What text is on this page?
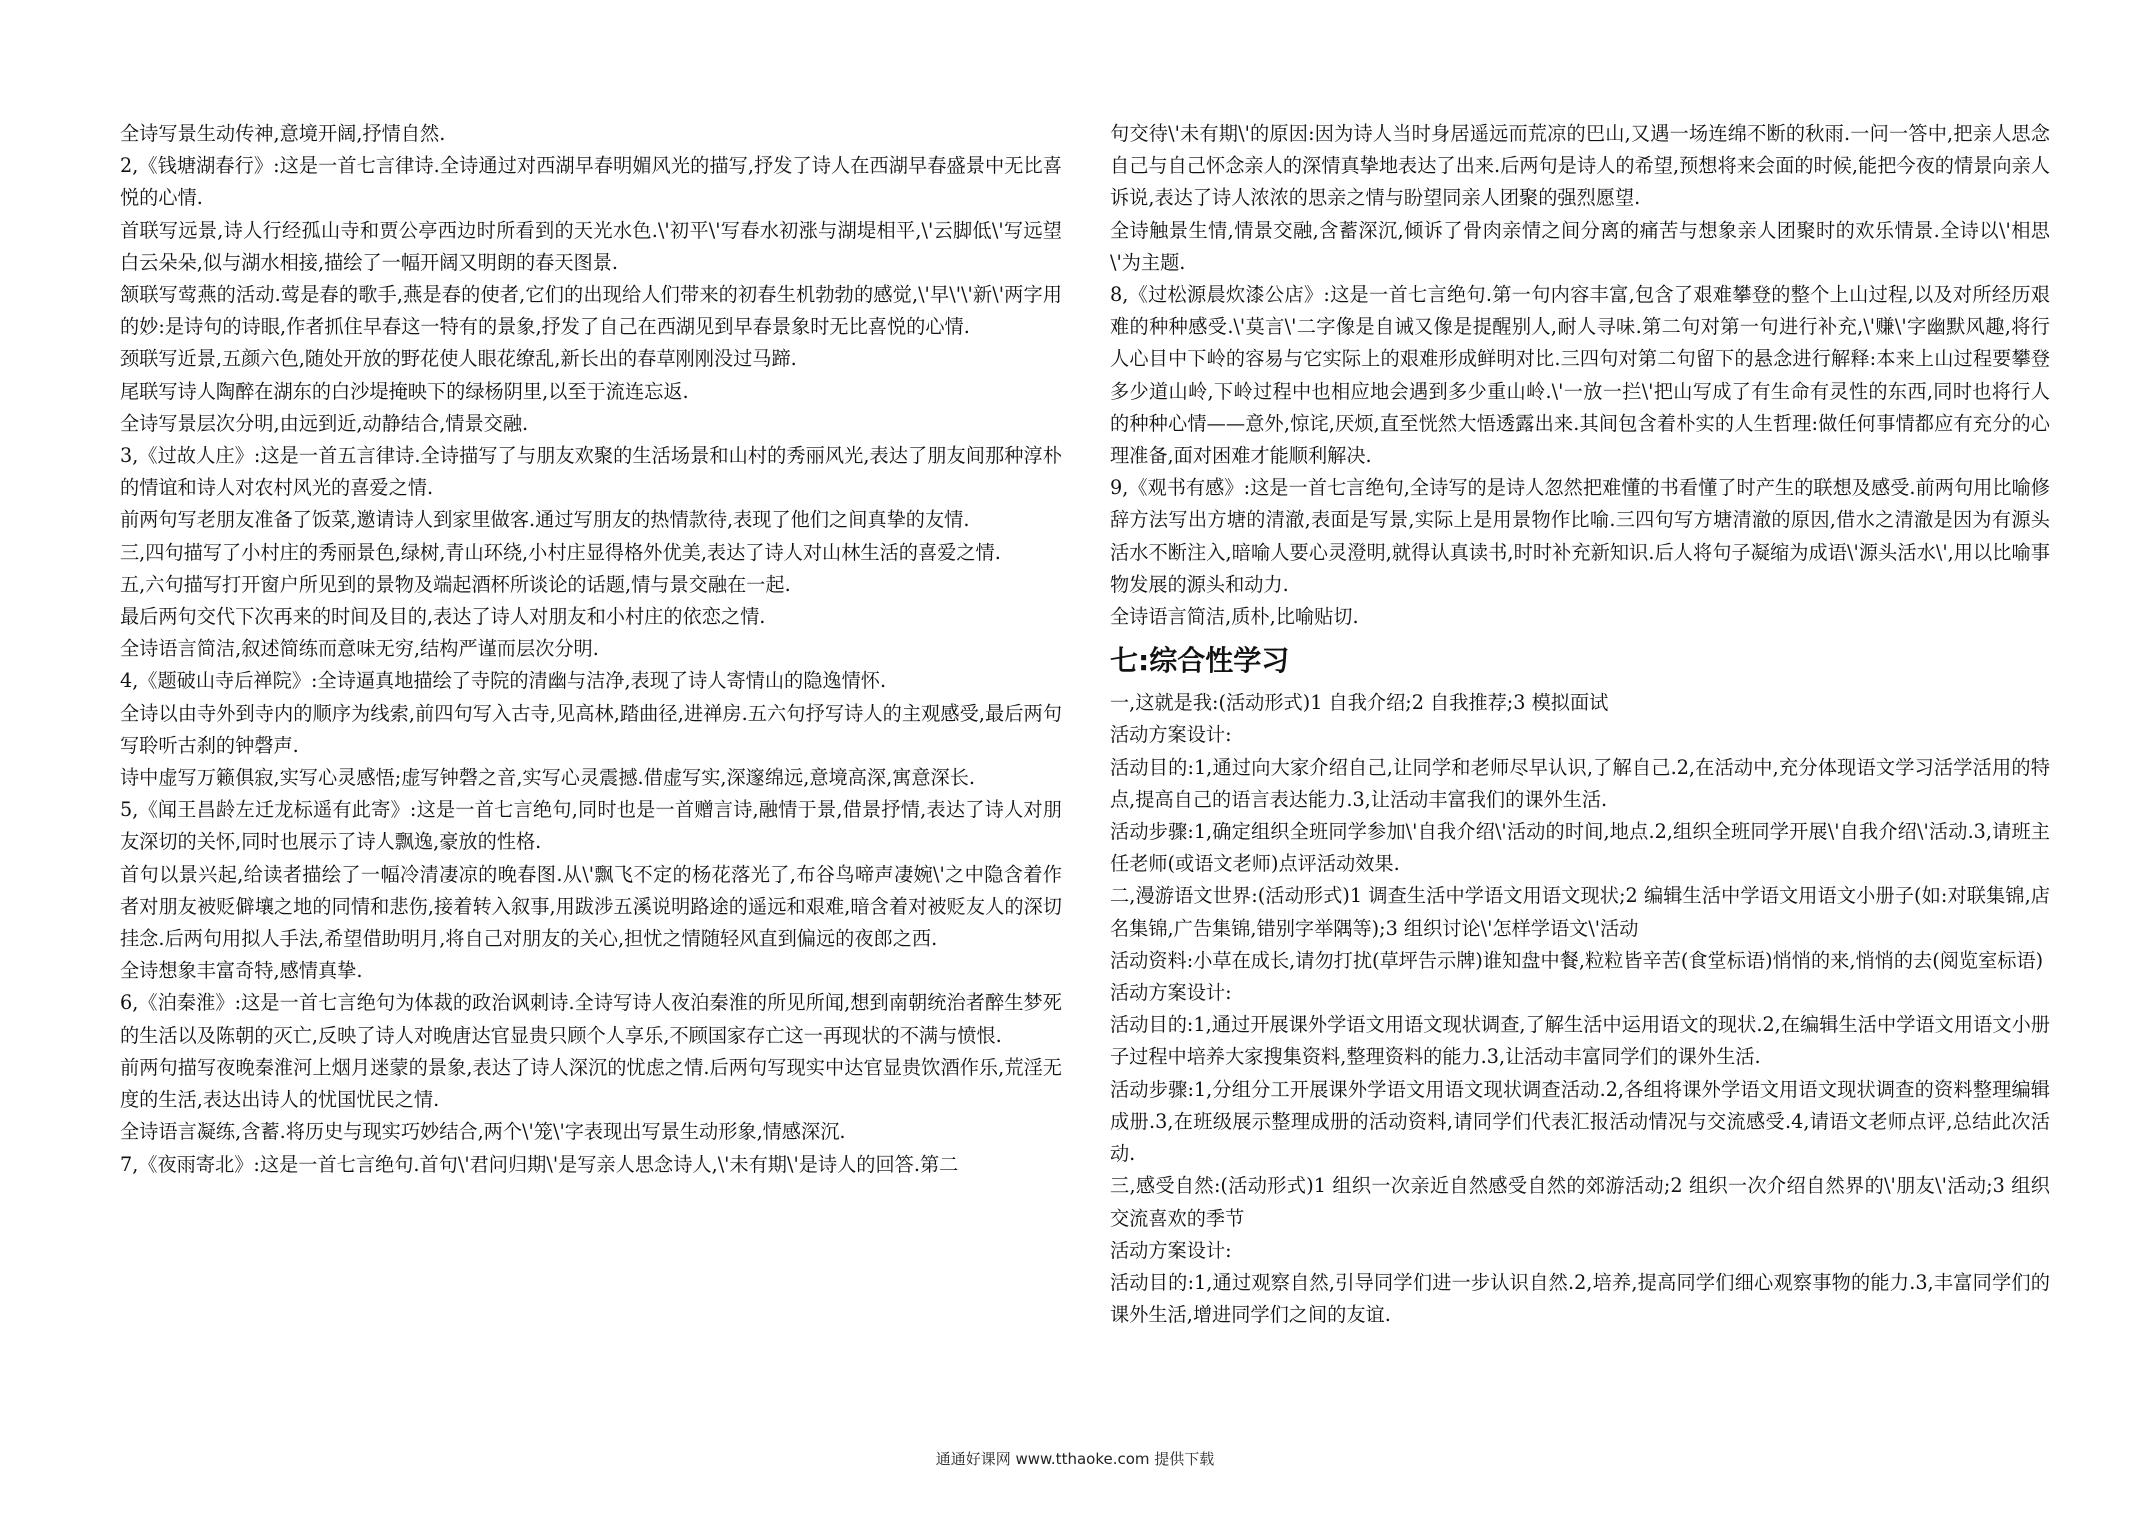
全诗写景生动传神,意境开阔,抒情自然.

2,《钱塘湖春行》:这是一首七言律诗.全诗通过对西湖早春明媚风光的描写,抒发了诗人在西湖早春盛景中无比喜悦的心情.

首联写远景,诗人行经孤山寺和贾公亭西边时所看到的天光水色.\'初平\'写春水初涨与湖堤相平,\'云脚低\'写远望白云朵朵,似与湖水相接,描绘了一幅开阔又明朗的春天图景.

颔联写莺燕的活动.莺是春的歌手,燕是春的使者,它们的出现给人们带来的初春生机勃勃的感觉,\'早\'\'新\'两字用的妙:是诗句的诗眼,作者抓住早春这一特有的景象,抒发了自己在西湖见到早春景象时无比喜悦的心情.

颈联写近景,五颜六色,随处开放的野花使人眼花缭乱,新长出的春草刚刚没过马蹄.

尾联写诗人陶醉在湖东的白沙堤掩映下的绿杨阴里,以至于流连忘返.

全诗写景层次分明,由远到近,动静结合,情景交融.

3,《过故人庄》:这是一首五言律诗.全诗描写了与朋友欢聚的生活场景和山村的秀丽风光,表达了朋友间那种淳朴的情谊和诗人对农村风光的喜爱之情.

前两句写老朋友准备了饭菜,邀请诗人到家里做客.通过写朋友的热情款待,表现了他们之间真挚的友情.

三,四句描写了小村庄的秀丽景色,绿树,青山环绕,小村庄显得格外优美,表达了诗人对山林生活的喜爱之情.

五,六句描写打开窗户所见到的景物及端起酒杯所谈论的话题,情与景交融在一起.

最后两句交代下次再来的时间及目的,表达了诗人对朋友和小村庄的依恋之情.

全诗语言简洁,叙述简练而意味无穷,结构严谨而层次分明.

4,《题破山寺后禅院》:全诗逼真地描绘了寺院的清幽与洁净,表现了诗人寄情山的隐逸情怀.

全诗以由寺外到寺内的顺序为线索,前四句写入古寺,见高林,踏曲径,进禅房.五六句抒写诗人的主观感受,最后两句写聆听古刹的钟磬声.

诗中虚写万籁俱寂,实写心灵感悟;虚写钟磬之音,实写心灵震撼.借虚写实,深邃绵远,意境高深,寓意深长.

5,《闻王昌龄左迁龙标遥有此寄》:这是一首七言绝句,同时也是一首赠言诗,融情于景,借景抒情,表达了诗人对朋友深切的关怀,同时也展示了诗人飘逸,豪放的性格.

首句以景兴起,给读者描绘了一幅冷清凄凉的晚春图.从\'飘飞不定的杨花落光了,布谷鸟啼声凄婉\'之中隐含着作者对朋友被贬僻壤之地的同情和悲伤,接着转入叙事,用跋涉五溪说明路途的遥远和艰难,暗含着对被贬友人的深切挂念.后两句用拟人手法,希望借助明月,将自己对朋友的关心,担忧之情随轻风直到偏远的夜郎之西.

全诗想象丰富奇特,感情真挚.

6,《泊秦淮》:这是一首七言绝句为体裁的政治讽刺诗.全诗写诗人夜泊秦淮的所见所闻,想到南朝统治者醉生梦死的生活以及陈朝的灭亡,反映了诗人对晚唐达官显贵只顾个人享乐,不顾国家存亡这一再现状的不满与愤恨.

前两句描写夜晚秦淮河上烟月迷蒙的景象,表达了诗人深沉的忧虑之情.后两句写现实中达官显贵饮酒作乐,荒淫无度的生活,表达出诗人的忧国忧民之情.

全诗语言凝练,含蓄.将历史与现实巧妙结合,两个\'笼\'字表现出写景生动形象,情感深沉.

7,《夜雨寄北》:这是一首七言绝句.首句\'君问归期\'是写亲人思念诗人,\'未有期\'是诗人的回答.第二

句交待\'未有期\'的原因:因为诗人当时身居遥远而荒凉的巴山,又遇一场连绵不断的秋雨.一问一答中,把亲人思念自己与自己怀念亲人的深情真挚地表达了出来.后两句是诗人的希望,预想将来会面的时候,能把今夜的情景向亲人诉说,表达了诗人浓浓的思亲之情与盼望同亲人团聚的强烈愿望.

全诗触景生情,情景交融,含蓄深沉,倾诉了骨肉亲情之间分离的痛苦与想象亲人团聚时的欢乐情景.全诗以\'相思\'为主题.

8,《过松源晨炊漆公店》:这是一首七言绝句.第一句内容丰富,包含了艰难攀登的整个上山过程,以及对所经历艰难的种种感受.\'莫言\'二字像是自诫又像是提醒别人,耐人寻味.第二句对第一句进行补充,\'赚\'字幽默风趣,将行人心目中下岭的容易与它实际上的艰难形成鲜明对比.三四句对第二句留下的悬念进行解释:本来上山过程要攀登多少道山岭,下岭过程中也相应地会遇到多少重山岭.\'一放一拦\'把山写成了有生命有灵性的东西,同时也将行人的种种心情——意外,惊诧,厌烦,直至恍然大悟透露出来.其间包含着朴实的人生哲理:做任何事情都应有充分的心理准备,面对困难才能顺利解决.

9,《观书有感》:这是一首七言绝句,全诗写的是诗人忽然把难懂的书看懂了时产生的联想及感受.前两句用比喻修辞方法写出方塘的清澈,表面是写景,实际上是用景物作比喻.三四句写方塘清澈的原因,借水之清澈是因为有源头活水不断注入,暗喻人要心灵澄明,就得认真读书,时时补充新知识.后人将句子凝缩为成语\'源头活水\',用以比喻事物发展的源头和动力.

全诗语言简洁,质朴,比喻贴切.

七:综合性学习

一,这就是我:(活动形式)1 自我介绍;2 自我推荐;3 模拟面试

活动方案设计:

活动目的:1,通过向大家介绍自己,让同学和老师尽早认识,了解自己.2,在活动中,充分体现语文学习活学活用的特点,提高自己的语言表达能力.3,让活动丰富我们的课外生活.

活动步骤:1,确定组织全班同学参加\'自我介绍\'活动的时间,地点.2,组织全班同学开展\'自我介绍\'活动.3,请班主任老师(或语文老师)点评活动效果.

二,漫游语文世界:(活动形式)1 调查生活中学语文用语文现状;2 编辑生活中学语文用语文小册子(如:对联集锦,店名集锦,广告集锦,错别字举隅等);3 组织讨论\'怎样学语文\'活动

活动资料:小草在成长,请勿打扰(草坪告示牌)谁知盘中餐,粒粒皆辛苦(食堂标语)悄悄的来,悄悄的去(阅览室标语)

活动方案设计:

活动目的:1,通过开展课外学语文用语文现状调查,了解生活中运用语文的现状.2,在编辑生活中学语文用语文小册子过程中培养大家搜集资料,整理资料的能力.3,让活动丰富同学们的课外生活.

活动步骤:1,分组分工开展课外学语文用语文现状调查活动.2,各组将课外学语文用语文现状调查的资料整理编辑成册.3,在班级展示整理成册的活动资料,请同学们代表汇报活动情况与交流感受.4,请语文老师点评,总结此次活动.

三,感受自然:(活动形式)1 组织一次亲近自然感受自然的郊游活动;2 组织一次介绍自然界的\'朋友\'活动;3 组织交流喜欢的季节

活动方案设计:

活动目的:1,通过观察自然,引导同学们进一步认识自然.2,培养,提高同学们细心观察事物的能力.3,丰富同学们的课外生活,增进同学们之间的友谊.

通通好课网 www.tthaoke.com 提供下载
